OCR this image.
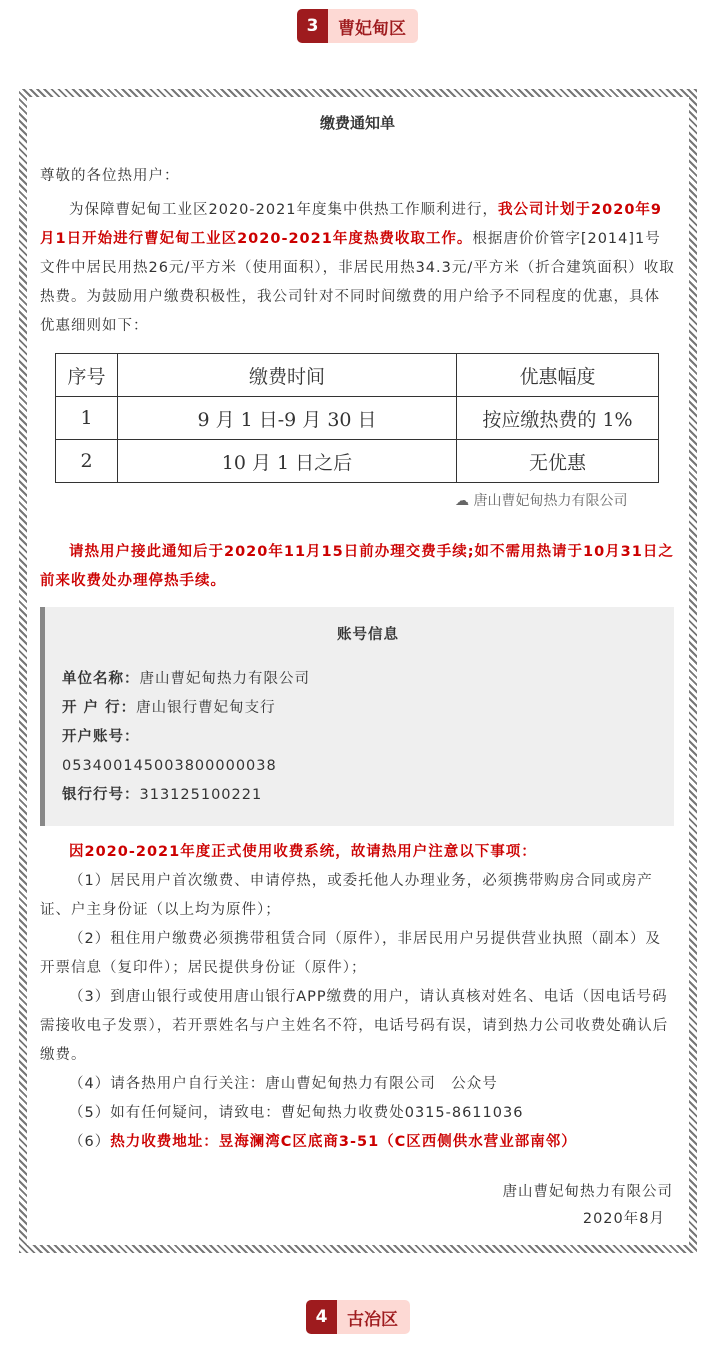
3	曹妃甸区
缴费通知单
尊敬的各位热用户：
为保障曹妃甸工业区2020-2021年度集中供热工作顺利进行，我公司计划于2020年9月1日开始进行曹妃甸工业区2020-2021年度热费收取工作。根据唐价价管字[2014]1号文件中居民用热26元/平方米（使用面积），非居民用热34.3元/平方米（折合建筑面积）收取热费。为鼓励用户缴费积极性，我公司针对不同时间缴费的用户给予不同程度的优惠，具体优惠细则如下：
序号	缴费时间	优惠幅度
1	9 月 1 日-9 月 30 日	按应缴热费的 1%
2	10 月 1 日之后	无优惠
☁ 唐山曹妃甸热力有限公司
请热用户接此通知后于2020年11月15日前办理交费手续;如不需用热请于10月31日之前来收费处办理停热手续。
账号信息
单位名称：唐山曹妃甸热力有限公司
开 户 行：唐山银行曹妃甸支行
开户账号：
053400145003800000038
银行行号：313125100221
因2020-2021年度正式使用收费系统，故请热用户注意以下事项：
（1）居民用户首次缴费、申请停热，或委托他人办理业务，必须携带购房合同或房产证、户主身份证（以上均为原件）；
（2）租住用户缴费必须携带租赁合同（原件），非居民用户另提供营业执照（副本）及开票信息（复印件）；居民提供身份证（原件）；
（3）到唐山银行或使用唐山银行APP缴费的用户，请认真核对姓名、电话（因电话号码需接收电子发票），若开票姓名与户主姓名不符，电话号码有误，请到热力公司收费处确认后缴费。
（4）请各热用户自行关注：唐山曹妃甸热力有限公司　公众号
（5）如有任何疑问，请致电：曹妃甸热力收费处0315-8611036
（6）热力收费地址：昱海澜湾C区底商3-51（C区西侧供水营业部南邻）
唐山曹妃甸热力有限公司
2020年8月
4	古冶区
